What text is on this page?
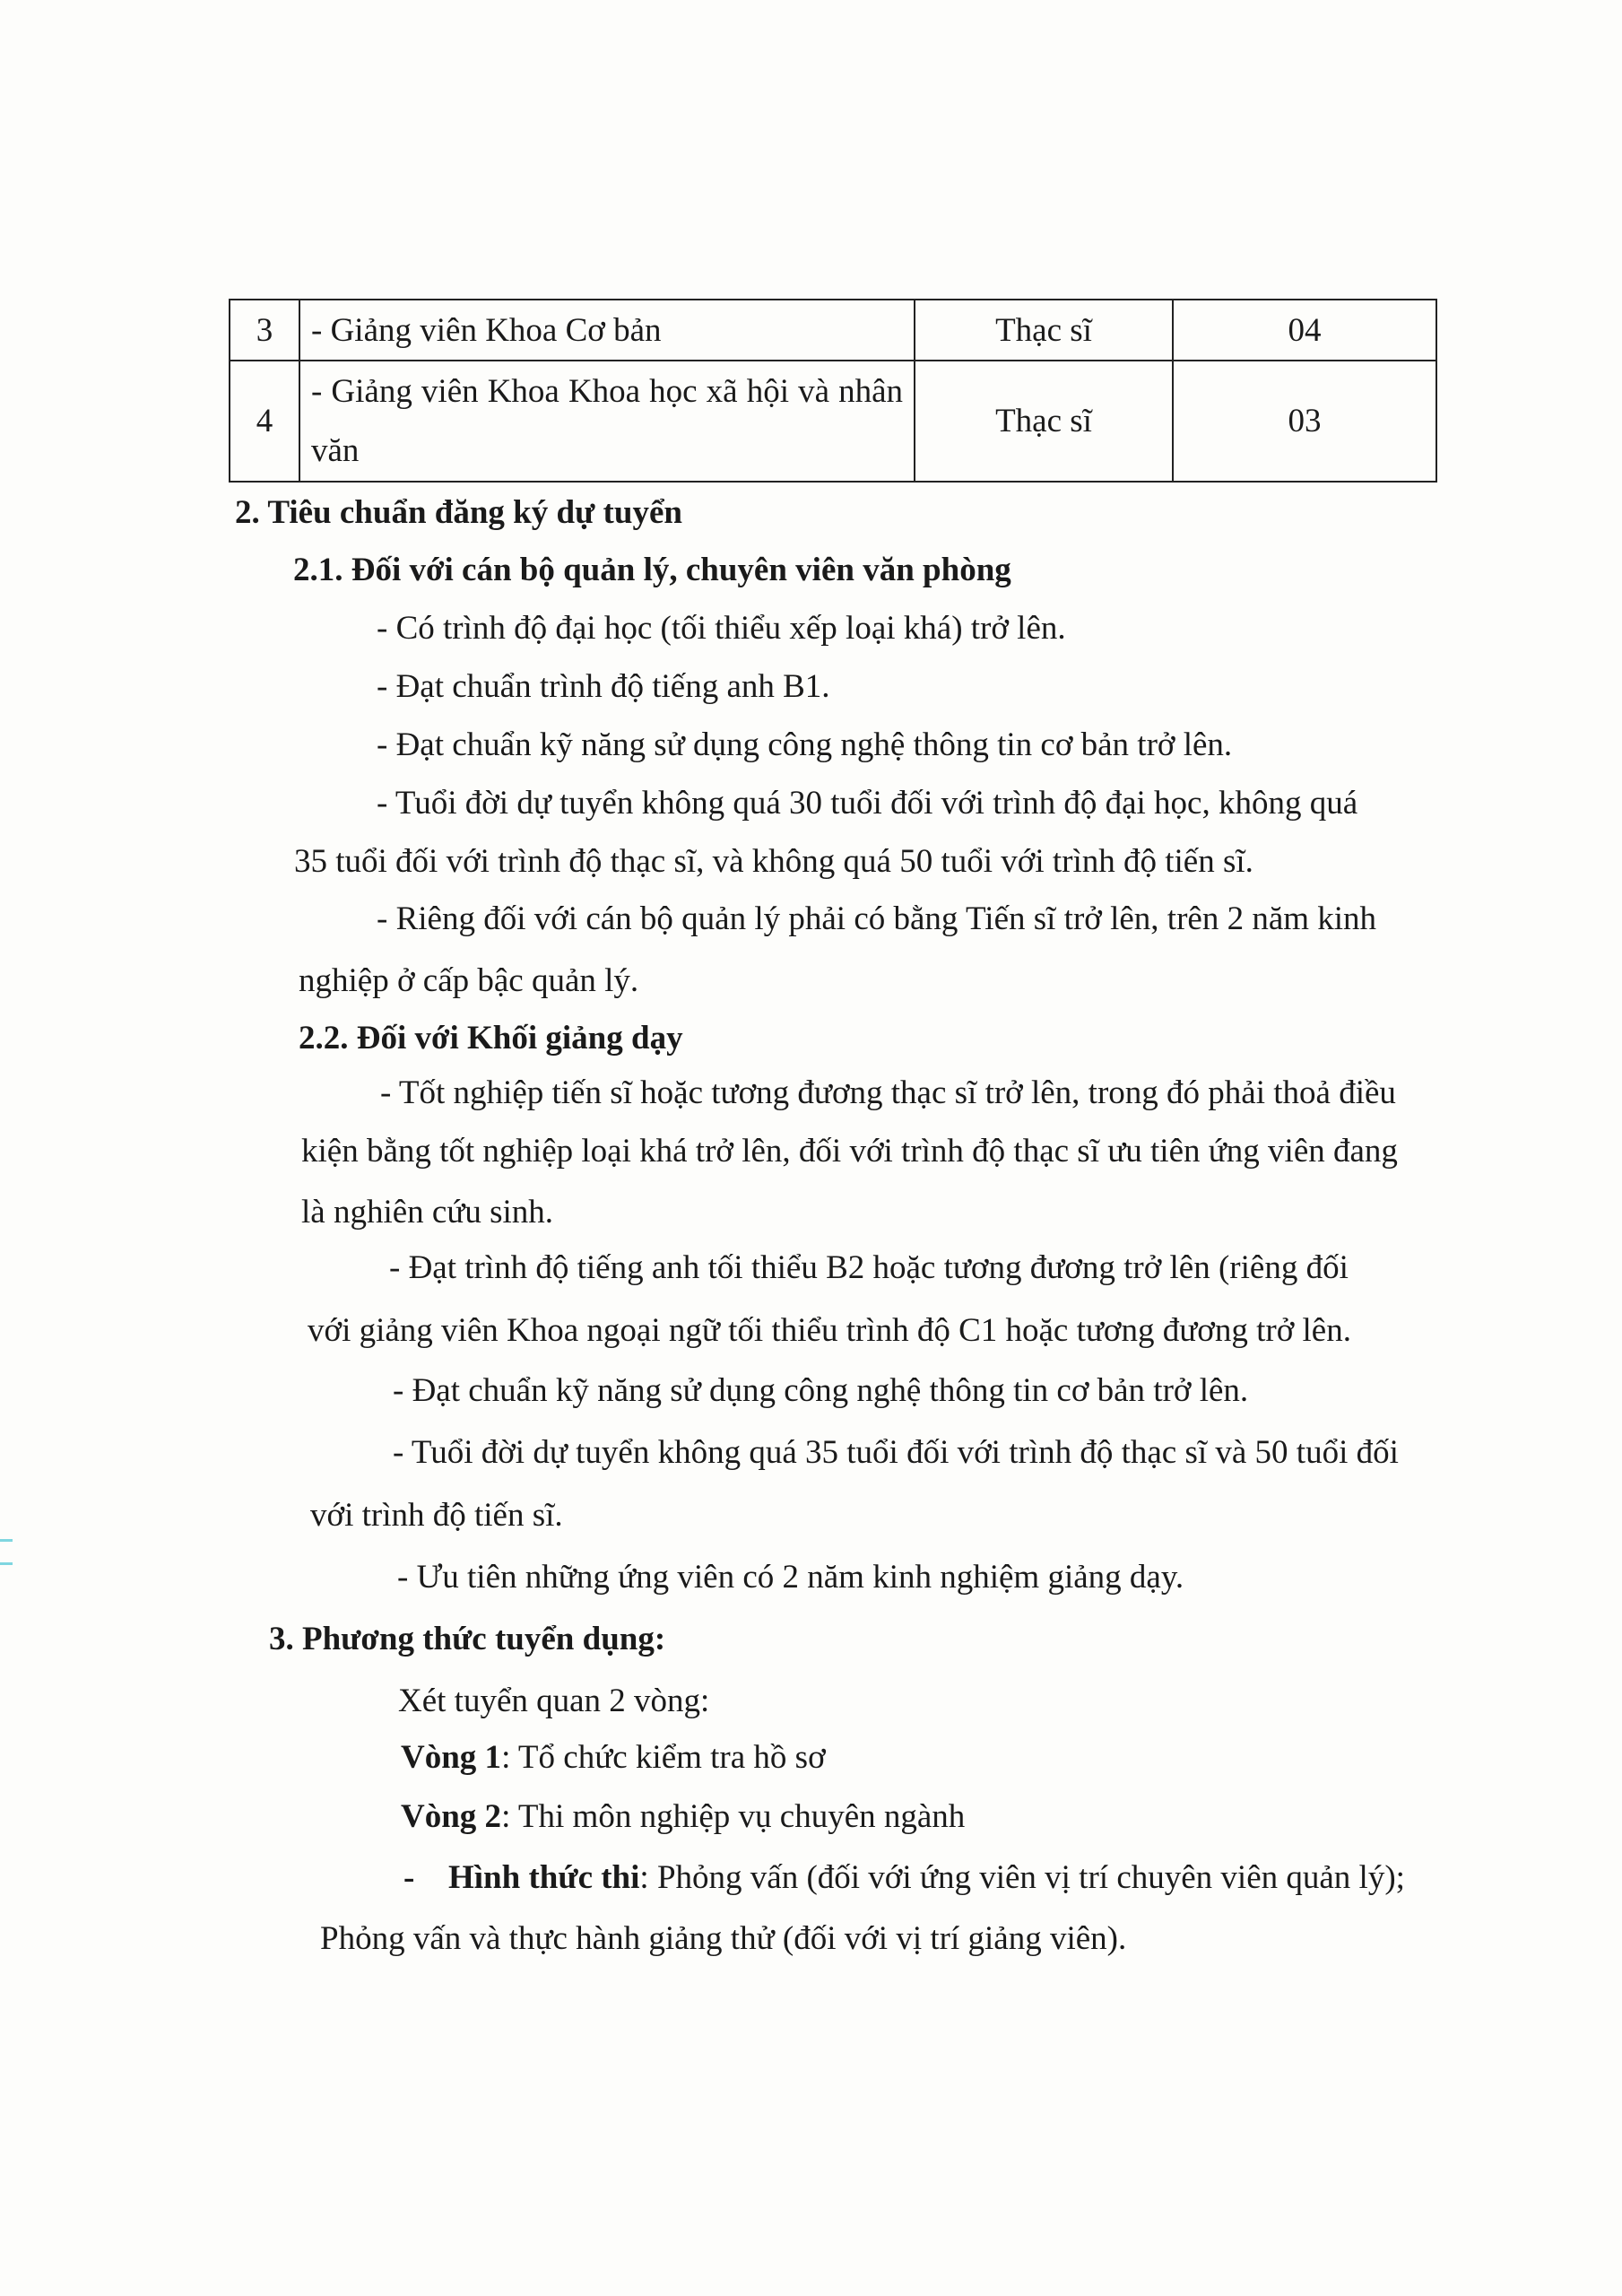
3	- Giảng viên Khoa Cơ bản	Thạc sĩ	04
4	- Giảng viên Khoa Khoa học xã hội và nhân văn	Thạc sĩ	03
2. Tiêu chuẩn đăng ký dự tuyển
2.1. Đối với cán bộ quản lý, chuyên viên văn phòng
- Có trình độ đại học (tối thiểu xếp loại khá) trở lên.
- Đạt chuẩn trình độ tiếng anh B1.
- Đạt chuẩn kỹ năng sử dụng công nghệ thông tin cơ bản trở lên.
- Tuổi đời dự tuyển không quá 30 tuổi đối với trình độ đại học, không quá
35 tuổi đối với trình độ thạc sĩ, và không quá 50 tuổi với trình độ tiến sĩ.
- Riêng đối với cán bộ quản lý phải có bằng Tiến sĩ trở lên, trên 2 năm kinh
nghiệp ở cấp bậc quản lý.
2.2. Đối với Khối giảng dạy
- Tốt nghiệp tiến sĩ hoặc tương đương thạc sĩ trở lên, trong đó phải thoả điều
kiện bằng tốt nghiệp loại khá trở lên, đối với trình độ thạc sĩ ưu tiên ứng viên đang
là nghiên cứu sinh.
- Đạt trình độ tiếng anh tối thiểu B2 hoặc tương đương trở lên (riêng đối
với giảng viên Khoa ngoại ngữ tối thiểu trình độ C1 hoặc tương đương trở lên.
- Đạt chuẩn kỹ năng sử dụng công nghệ thông tin cơ bản trở lên.
- Tuổi đời dự tuyển không quá 35 tuổi đối với trình độ thạc sĩ và 50 tuổi đối
với trình độ tiến sĩ.
- Ưu tiên những ứng viên có 2 năm kinh nghiệm giảng dạy.
3. Phương thức tuyển dụng:
Xét tuyển quan 2 vòng:
Vòng 1: Tổ chức kiểm tra hồ sơ
Vòng 2: Thi môn nghiệp vụ chuyên ngành
- Hình thức thi: Phỏng vấn (đối với ứng viên vị trí chuyên viên quản lý);
Phỏng vấn và thực hành giảng thử (đối với vị trí giảng viên).
